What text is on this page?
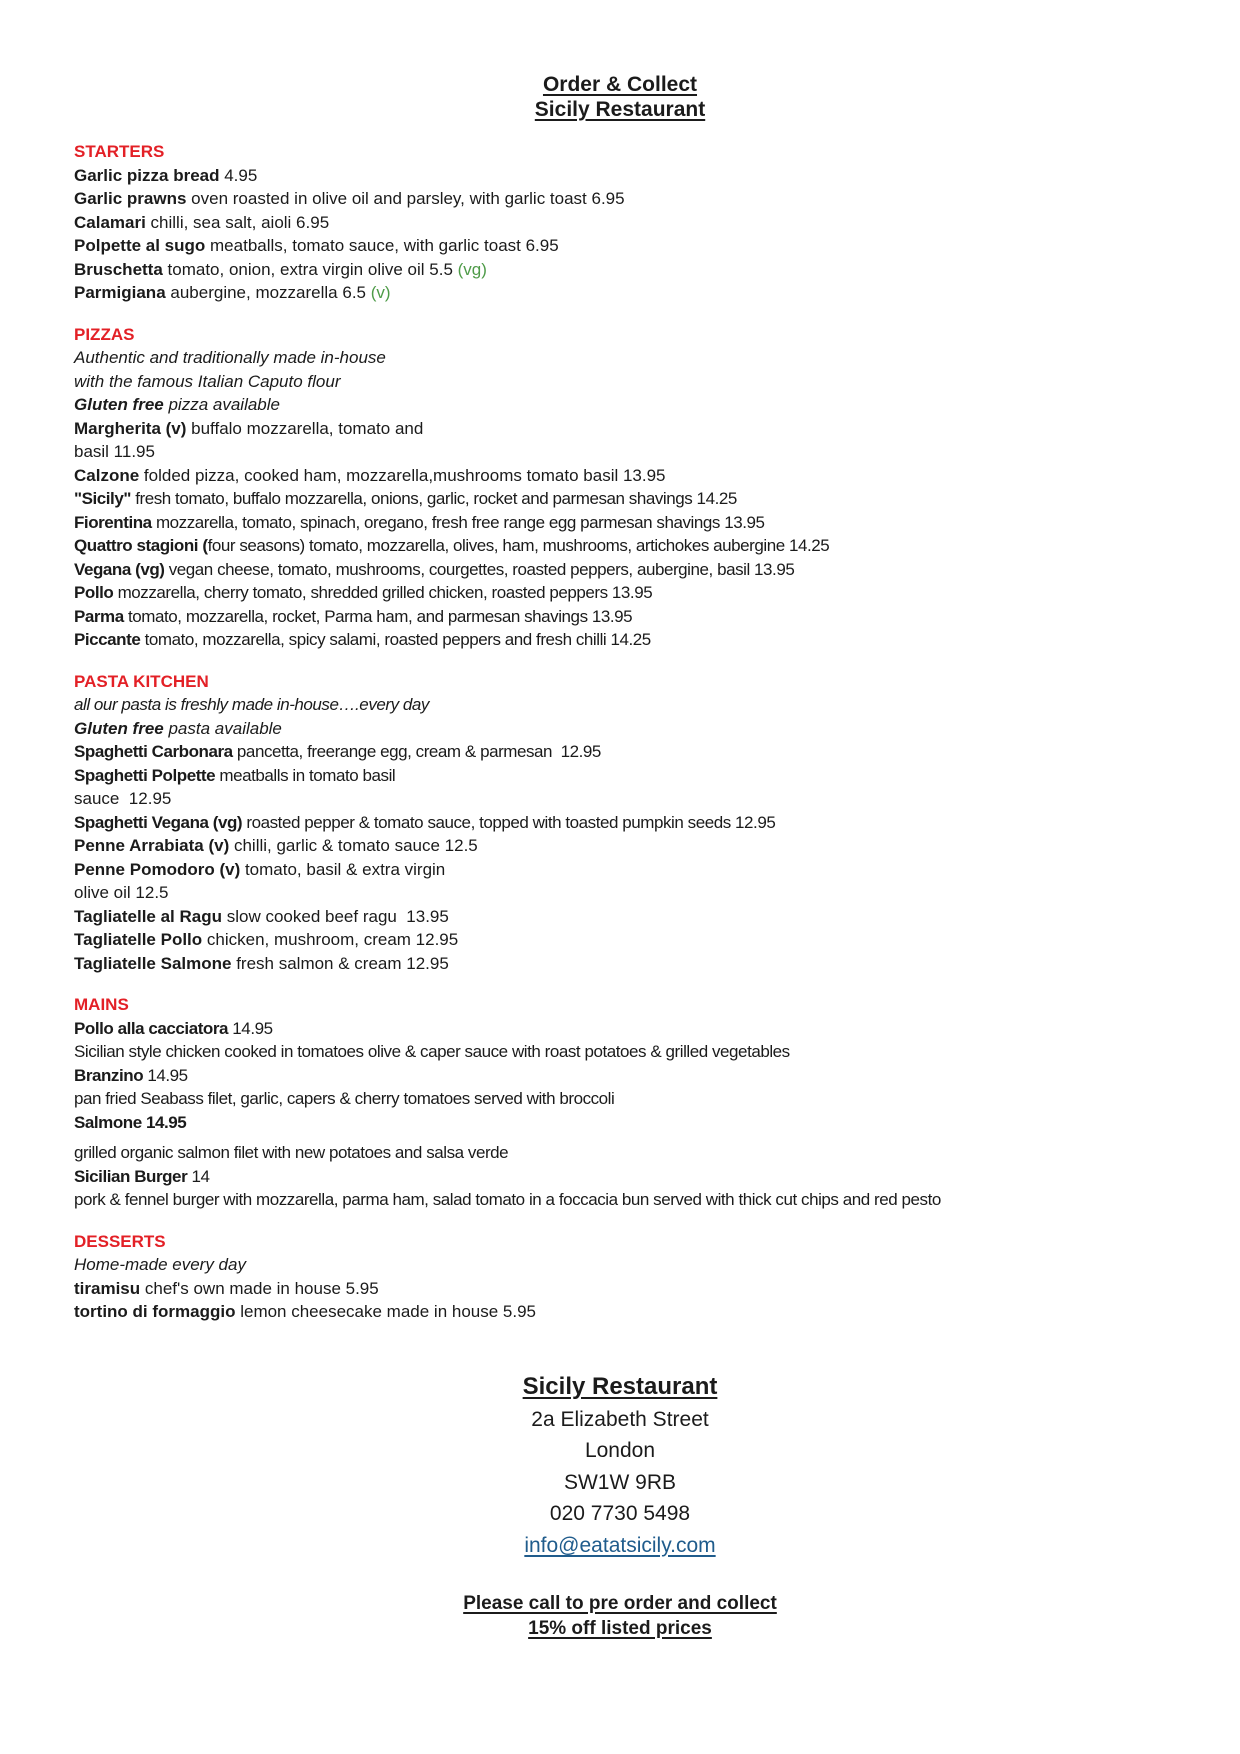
Order & Collect
Sicily Restaurant
STARTERS
Garlic pizza bread 4.95
Garlic prawns oven roasted in olive oil and parsley, with garlic toast 6.95
Calamari chilli, sea salt, aioli 6.95
Polpette al sugo meatballs, tomato sauce, with garlic toast 6.95
Bruschetta tomato, onion, extra virgin olive oil 5.5 (vg)
Parmigiana aubergine, mozzarella 6.5 (v)
PIZZAS
Authentic and traditionally made in-house
with the famous Italian Caputo flour
Gluten free pizza available
Margherita (v) buffalo mozzarella, tomato and
basil 11.95
Calzone folded pizza, cooked ham, mozzarella,mushrooms tomato basil 13.95
"Sicily" fresh tomato, buffalo mozzarella, onions, garlic, rocket and parmesan shavings 14.25
Fiorentina mozzarella, tomato, spinach, oregano, fresh free range egg parmesan shavings 13.95
Quattro stagioni (four seasons) tomato, mozzarella, olives, ham, mushrooms, artichokes aubergine 14.25
Vegana (vg) vegan cheese, tomato, mushrooms, courgettes, roasted peppers, aubergine, basil 13.95
Pollo mozzarella, cherry tomato, shredded grilled chicken, roasted peppers 13.95
Parma tomato, mozzarella, rocket, Parma ham, and parmesan shavings 13.95
Piccante tomato, mozzarella, spicy salami, roasted peppers and fresh chilli 14.25
PASTA KITCHEN
all our pasta is freshly made in-house….every day
Gluten free pasta available
Spaghetti Carbonara pancetta, freerange egg, cream & parmesan  12.95
Spaghetti Polpette meatballs in tomato basil
sauce  12.95
Spaghetti Vegana (vg) roasted pepper & tomato sauce, topped with toasted pumpkin seeds 12.95
Penne Arrabiata (v) chilli, garlic & tomato sauce 12.5
Penne Pomodoro (v) tomato, basil & extra virgin
olive oil 12.5
Tagliatelle al Ragu slow cooked beef ragu  13.95
Tagliatelle Pollo chicken, mushroom, cream 12.95
Tagliatelle Salmone fresh salmon & cream 12.95
MAINS
Pollo alla cacciatora 14.95
Sicilian style chicken cooked in tomatoes olive & caper sauce with roast potatoes & grilled vegetables
Branzino 14.95
pan fried Seabass filet, garlic, capers & cherry tomatoes served with broccoli
Salmone 14.95
grilled organic salmon filet with new potatoes and salsa verde
Sicilian Burger 14
pork & fennel burger with mozzarella, parma ham, salad tomato in a foccacia bun served with thick cut chips and red pesto
DESSERTS
Home-made every day
tiramisu chef's own made in house 5.95
tortino di formaggio lemon cheesecake made in house 5.95
Sicily Restaurant
2a Elizabeth Street
London
SW1W 9RB
020 7730 5498
info@eatatsicily.com
Please call to pre order and collect
15% off listed prices
